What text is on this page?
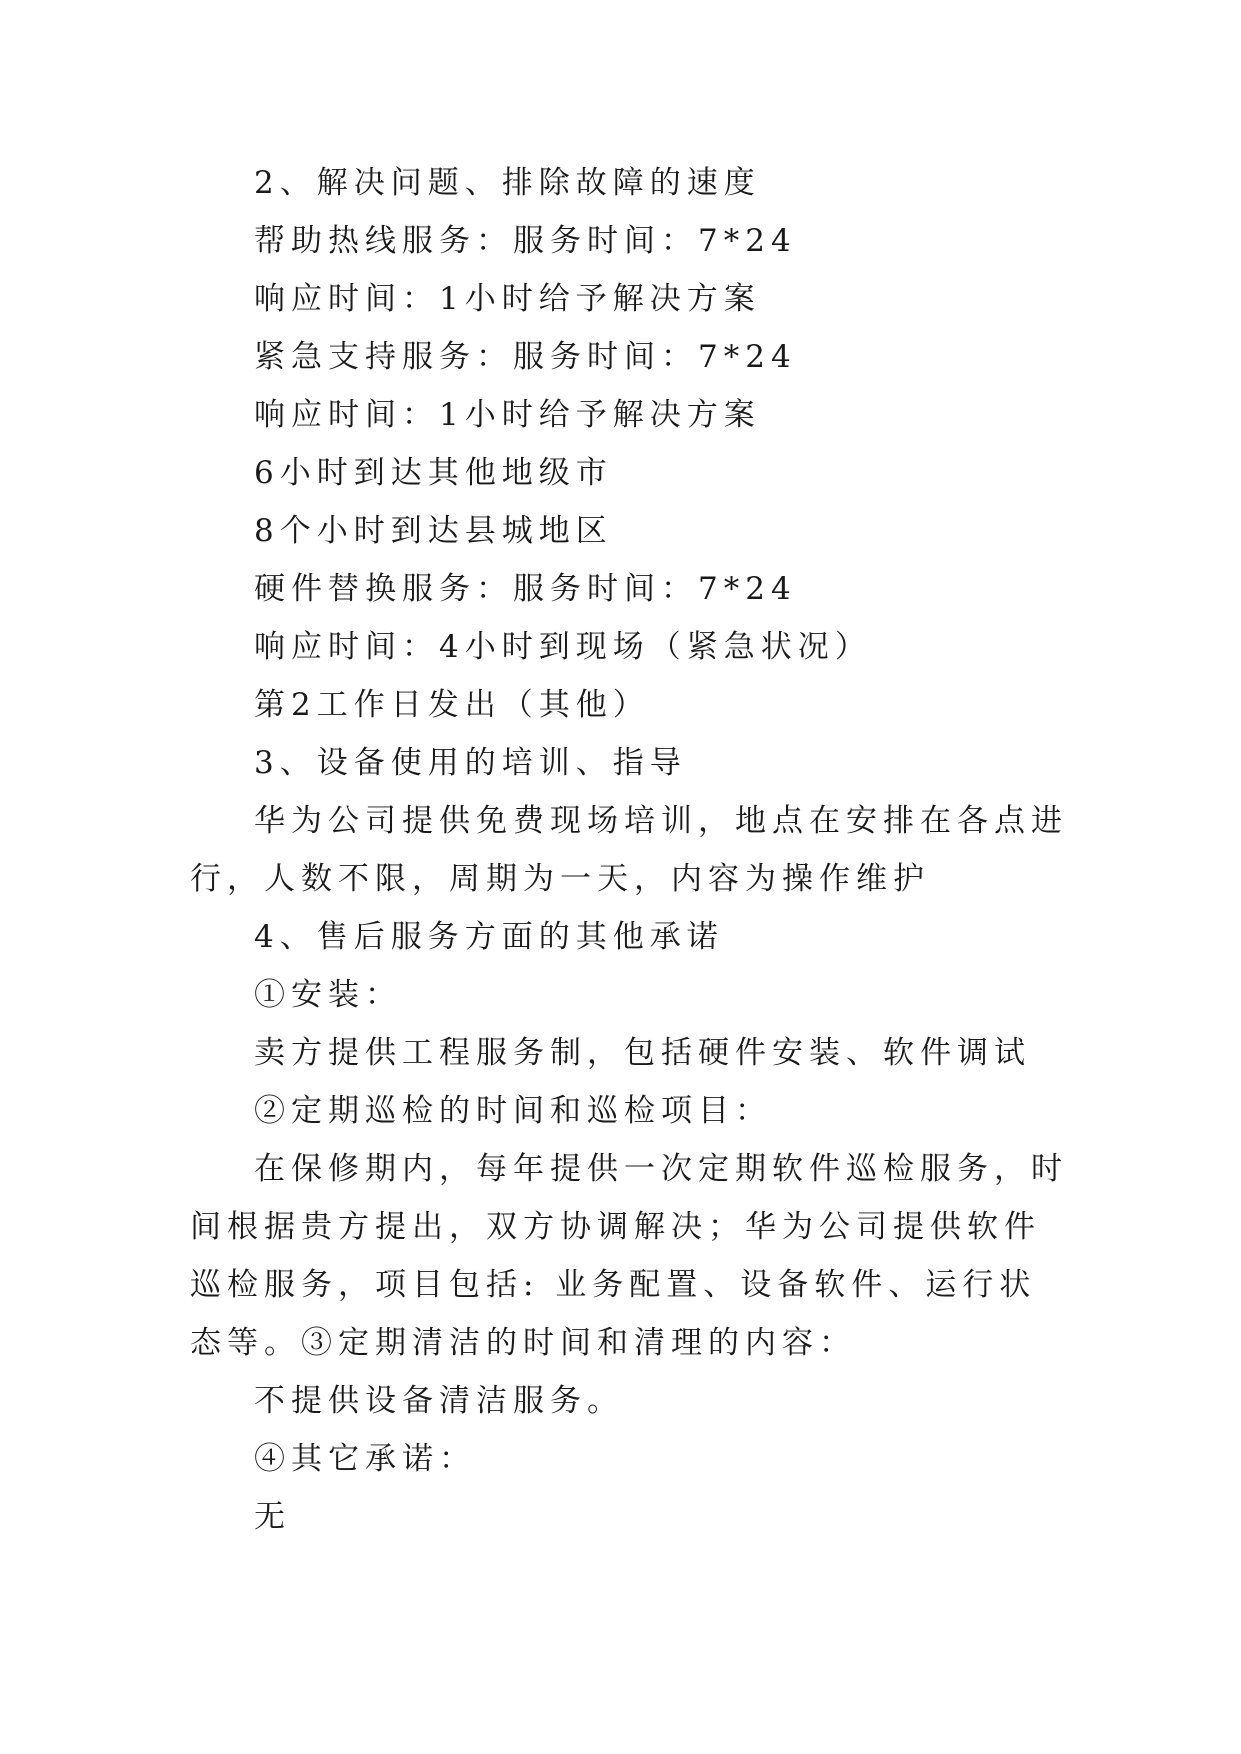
2、解决问题、排除故障的速度

帮助热线服务：服务时间：7*24

响应时间：1小时给予解决方案

紧急支持服务：服务时间：7*24

响应时间：1小时给予解决方案

6小时到达其他地级市

8个小时到达县城地区

硬件替换服务：服务时间：7*24

响应时间：4小时到现场（紧急状况）

第2工作日发出（其他）

3、设备使用的培训、指导

华为公司提供免费现场培训，地点在安排在各点进行，人数不限，周期为一天，内容为操作维护

4、售后服务方面的其他承诺

①安装：

卖方提供工程服务制，包括硬件安装、软件调试

②定期巡检的时间和巡检项目：

在保修期内，每年提供一次定期软件巡检服务，时间根据贵方提出，双方协调解决；华为公司提供软件巡检服务，项目包括: 业务配置、设备软件、运行状态等。③定期清洁的时间和清理的内容：

不提供设备清洁服务。

④其它承诺：

无
